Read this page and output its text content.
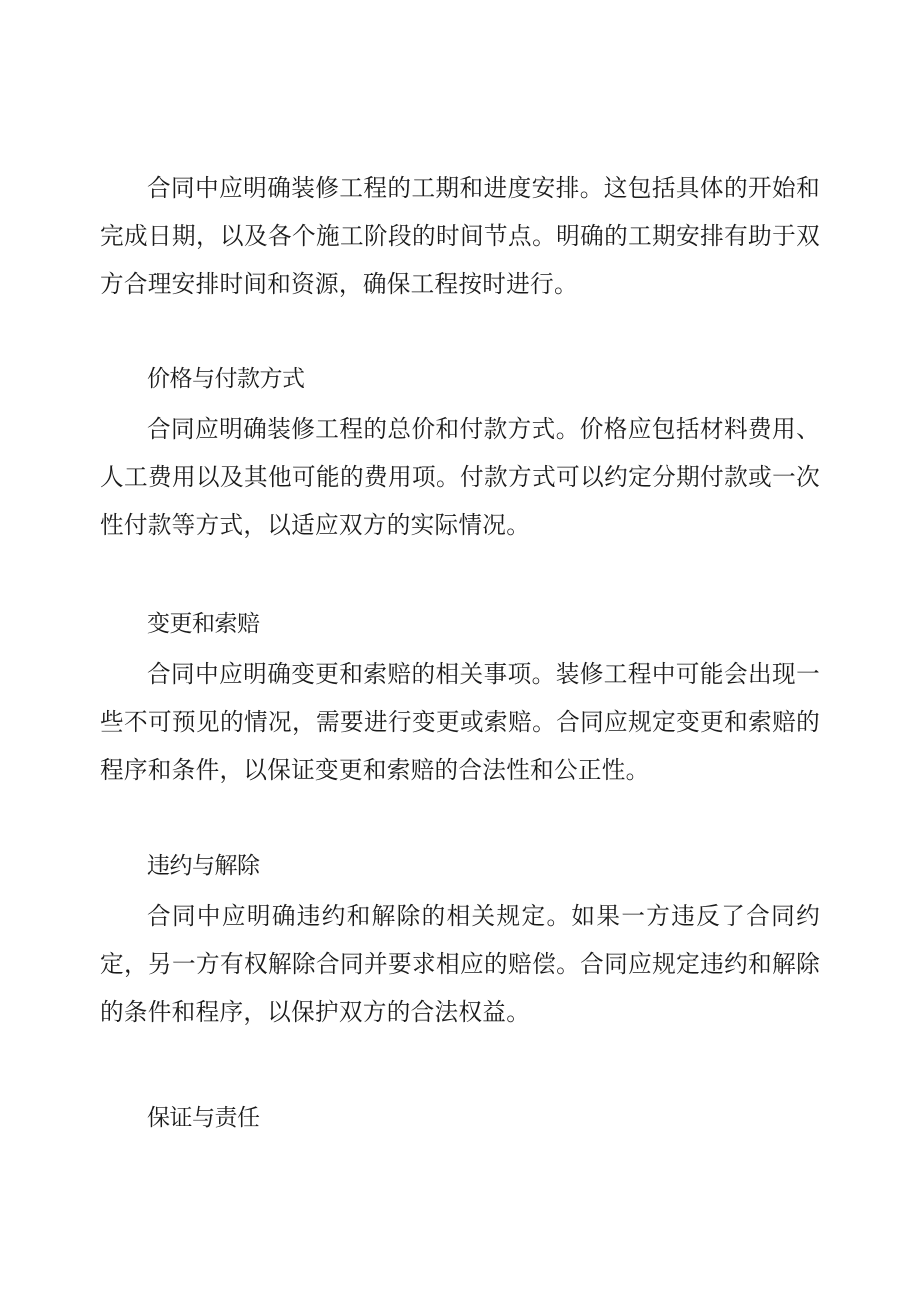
合同中应明确装修工程的工期和进度安排。这包括具体的开始和完成日期，以及各个施工阶段的时间节点。明确的工期安排有助于双方合理安排时间和资源，确保工程按时进行。

价格与付款方式

合同应明确装修工程的总价和付款方式。价格应包括材料费用、人工费用以及其他可能的费用项。付款方式可以约定分期付款或一次性付款等方式，以适应双方的实际情况。

变更和索赔

合同中应明确变更和索赔的相关事项。装修工程中可能会出现一些不可预见的情况，需要进行变更或索赔。合同应规定变更和索赔的程序和条件，以保证变更和索赔的合法性和公正性。

违约与解除

合同中应明确违约和解除的相关规定。如果一方违反了合同约定，另一方有权解除合同并要求相应的赔偿。合同应规定违约和解除的条件和程序，以保护双方的合法权益。

保证与责任
